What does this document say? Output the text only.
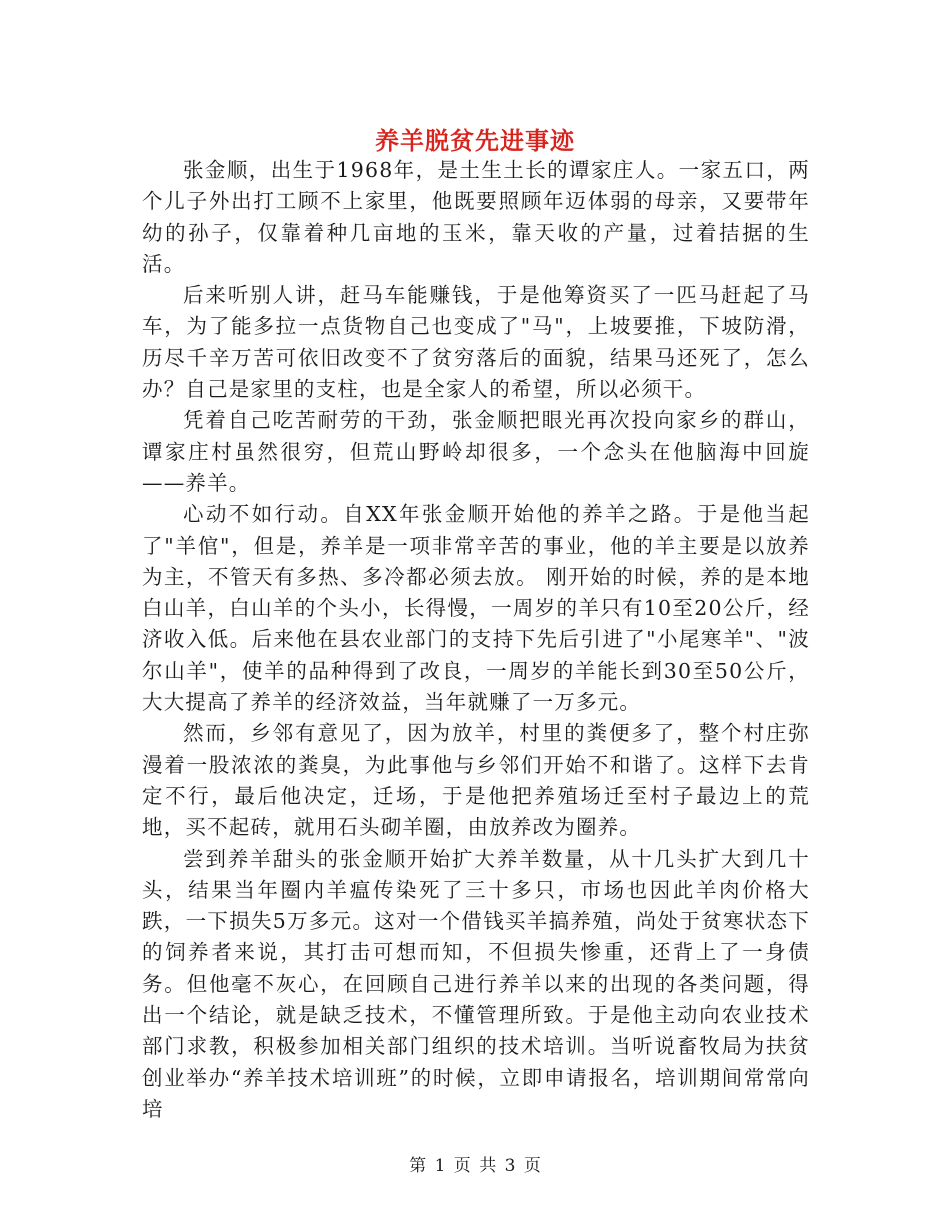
养羊脱贫先进事迹

张金顺，出生于1968年，是土生土长的谭家庄人。一家五口，两个儿子外出打工顾不上家里，他既要照顾年迈体弱的母亲，又要带年幼的孙子，仅靠着种几亩地的玉米，靠天收的产量，过着拮据的生活。

后来听别人讲，赶马车能赚钱，于是他筹资买了一匹马赶起了马车，为了能多拉一点货物自己也变成了"马"，上坡要推，下坡防滑，历尽千辛万苦可依旧改变不了贫穷落后的面貌，结果马还死了，怎么办？自己是家里的支柱，也是全家人的希望，所以必须干。

凭着自己吃苦耐劳的干劲，张金顺把眼光再次投向家乡的群山，谭家庄村虽然很穷，但荒山野岭却很多，一个念头在他脑海中回旋——养羊。

心动不如行动。自XX年张金顺开始他的养羊之路。于是他当起了"羊倌"，但是，养羊是一项非常辛苦的事业，他的羊主要是以放养为主，不管天有多热、多冷都必须去放。 刚开始的时候，养的是本地白山羊，白山羊的个头小，长得慢，一周岁的羊只有10至20公斤，经济收入低。后来他在县农业部门的支持下先后引进了"小尾寒羊"、"波尔山羊"，使羊的品种得到了改良，一周岁的羊能长到30至50公斤，大大提高了养羊的经济效益，当年就赚了一万多元。

然而，乡邻有意见了，因为放羊，村里的粪便多了，整个村庄弥漫着一股浓浓的粪臭，为此事他与乡邻们开始不和谐了。这样下去肯定不行，最后他决定，迁场，于是他把养殖场迁至村子最边上的荒地，买不起砖，就用石头砌羊圈，由放养改为圈养。

尝到养羊甜头的张金顺开始扩大养羊数量，从十几头扩大到几十头，结果当年圈内羊瘟传染死了三十多只，市场也因此羊肉价格大跌，一下损失5万多元。这对一个借钱买羊搞养殖，尚处于贫寒状态下的饲养者来说，其打击可想而知，不但损失惨重，还背上了一身债务。但他毫不灰心，在回顾自己进行养羊以来的出现的各类问题，得出一个结论，就是缺乏技术，不懂管理所致。于是他主动向农业技术部门求教，积极参加相关部门组织的技术培训。当听说畜牧局为扶贫创业举办“养羊技术培训班”的时候，立即申请报名，培训期间常常向培

第 1 页 共 3 页
